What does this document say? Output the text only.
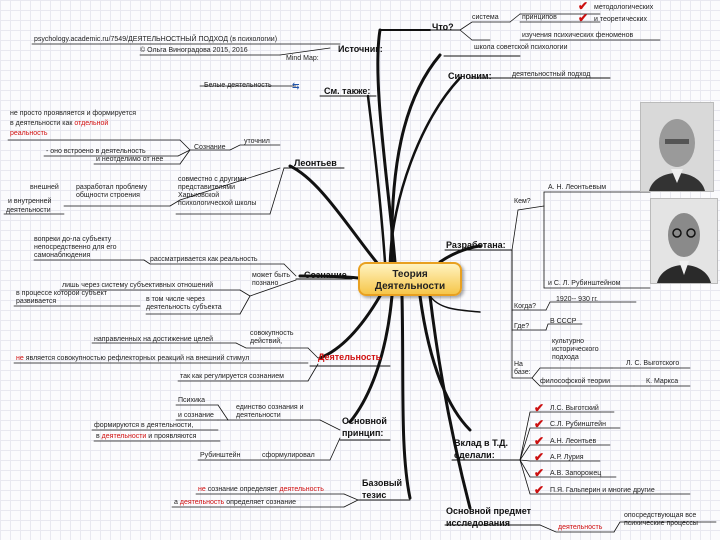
Теория
Деятельности
Что?
система	принципов
✔ методологических
✔ и теоретических
изучения психических феноменов
школа советской психологии
psychology.academic.ru/7549/ДЕЯТЕЛЬНОСТНЫЙ ПОДХОД (в психологии)
Источник:
© Ольга Виноградова 2015, 2016
Mind Map:
Синоним:	деятельностный подход
Белые деятельность ⇆	См. также:
не просто проявляется и формируется
в деятельности как отдельной
реальность
Сознание
уточнил
- оно встроено в деятельность
и неотделимо от нее	Леонтьев
внешней
и внутренней
деятельности
разработал проблему общности строения
совместно с другими представителями Харьковской психологической школы
вопреки до-ла субъекту непосредственно для его самонаблюдения
рассматривается как реальность
Сознание
лишь через систему субъективных отношений
может быть познано
в процессе которой субъект развивается	в том числе через деятельность субъекта
совокупность действий,
направленных на достижение целей
Деятельность
не является совокупностью рефлекторных реакций на внешний стимул
так как регулируется сознанием
Психика
и сознание
единство сознания и деятельности
формируются в деятельности,
в деятельности и проявляются
Основной
принцип:
Рубинштейн	сформулировал
Базовый
тезис
не сознание определяет деятельность
а деятельность определяет сознание
Разработана:
Кем?
А. Н. Леонтьевым
и С. Л. Рубинштейном
Когда?
1920-- 930 гг.
Где?
В СССР
На базе:
культурно исторического подхода
Л. С. Выготского
философской теории	К. Маркса
Вклад в Т.Д.
сделали:
✔ Л.С. Выготский
✔ С.Л. Рубинштейн
✔ А.Н. Леонтьев
✔ А.Р. Лурия
✔ А.В. Запорожец
✔ П.Я. Гальперин и многие другие
Основной предмет
исследования	деятельность
опосредствующая все психические процессы
